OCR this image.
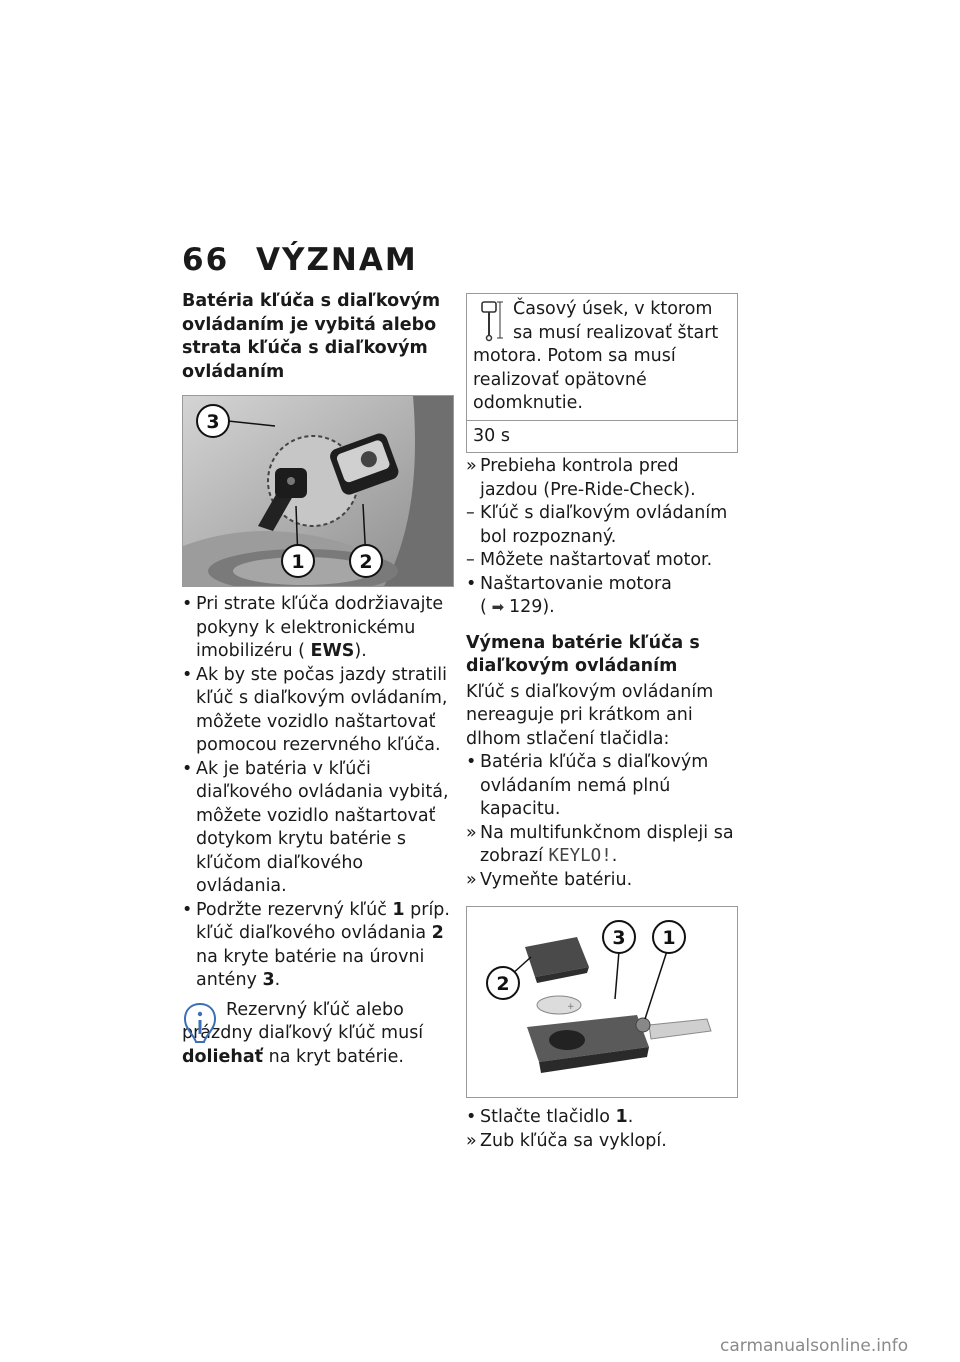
66 VÝZNAM
Batéria kľúča s diaľkovým ovládaním je vybitá alebo strata kľúča s diaľkovým ovládaním
3
1	2
• Pri strate kľúča dodržiavajte pokyny k elektronickému imobilizéru ( EWS).
• Ak by ste počas jazdy stratili kľúč s diaľkovým ovládaním, môžete vozidlo naštartovať pomocou rezervného kľúča.
• Ak je batéria v kľúči diaľkového ovládania vybitá, môžete vozidlo naštartovať dotykom krytu batérie s kľúčom diaľkového ovládania.
• Podržte rezervný kľúč 1 príp. kľúč diaľkového ovládania 2 na kryte batérie na úrovni antény 3.
Rezervný kľúč alebo prázdny diaľkový kľúč musí doliehať na kryt batérie.
Časový úsek, v ktorom sa musí realizovať štart motora. Potom sa musí realizovať opätovné odomknutie.
30 s
» Prebieha kontrola pred jazdou (Pre-Ride-Check).
– Kľúč s diaľkovým ovládaním bol rozpoznaný.
– Môžete naštartovať motor.
• Naštartovanie motora
( ➡ 129).
Výmena batérie kľúča s diaľkovým ovládaním
Kľúč s diaľkovým ovládaním nereaguje pri krátkom ani dlhom stlačení tlačidla:
• Batéria kľúča s diaľkovým ovládaním nemá plnú kapacitu.
» Na multifunkčnom displeji sa zobrazí KEYLO!.
» Vymeňte batériu.
+
2
3 1
• Stlačte tlačidlo 1.
» Zub kľúča sa vyklopí.
carmanualsonline.info
